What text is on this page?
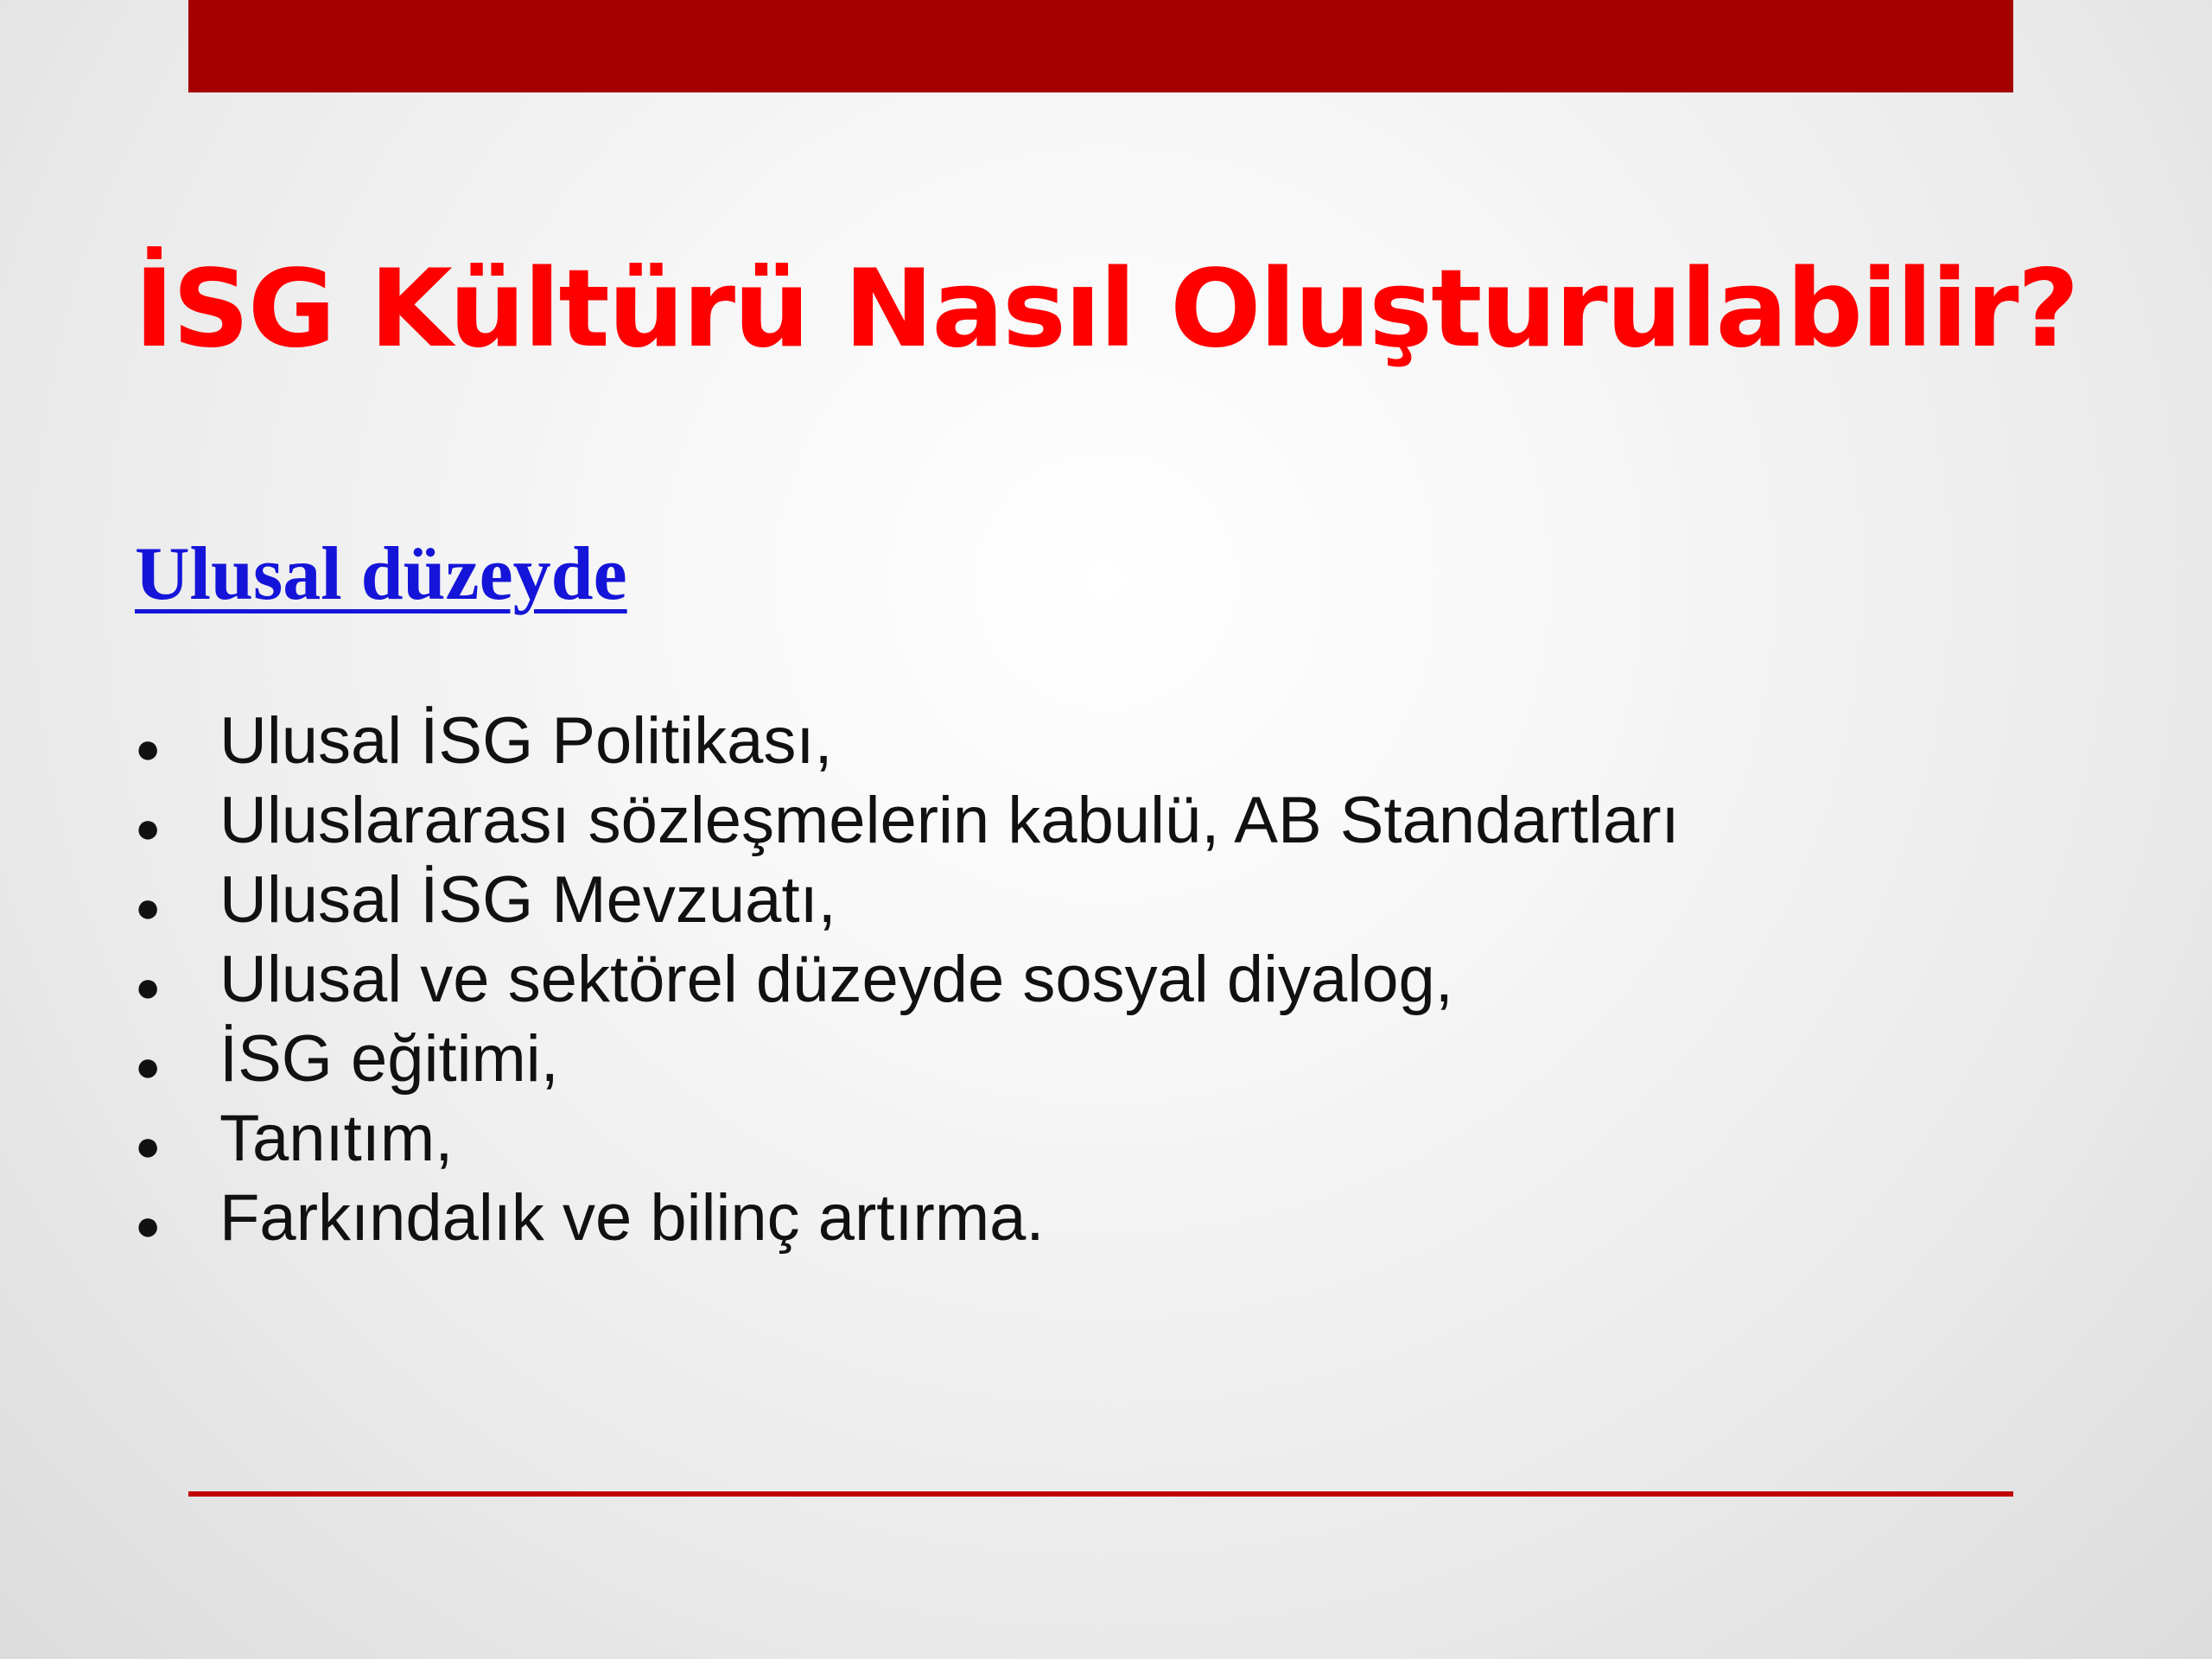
İSG Kültürü Nasıl Oluşturulabilir?
Ulusal düzeyde
● Ulusal İSG Politikası,
● Uluslararası sözleşmelerin kabulü, AB Standartları
● Ulusal İSG Mevzuatı,
● Ulusal ve sektörel düzeyde sosyal diyalog,
● İSG eğitimi,
● Tanıtım,
● Farkındalık ve bilinç artırma.
